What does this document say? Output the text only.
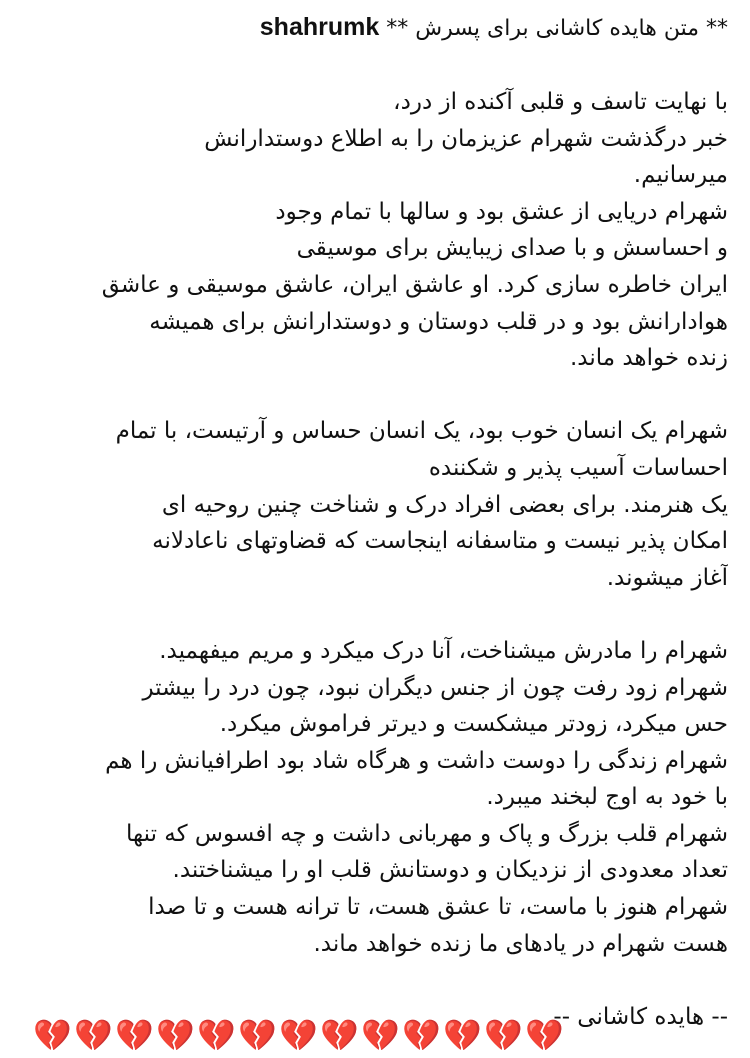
** متن هایده کاشانی برای پسرش ** shahrumk
با نهایت تاسف و قلبی آکنده از درد،
خبر درگذشت شهرام عزیزمان را به اطلاع دوستدارانش
میرسانیم.
شهرام دریایی از عشق بود و سالها با تمام وجود
و احساسش و با صدای زیبایش برای موسیقی
ایران خاطره سازی کرد. او عاشق ایران، عاشق موسیقی و عاشق
هوادارانش بود و در قلب دوستان و دوستدارانش برای همیشه
زنده خواهد ماند.
شهرام یک انسان خوب بود، یک انسان حساس و آرتیست، با تمام
احساسات آسیب پذیر و شکننده
یک هنرمند. برای بعضی افراد درک و شناخت چنین روحیه ای
امکان پذیر نیست و متاسفانه اینجاست که قضاوتهای ناعادلانه
آغاز میشوند.
شهرام را مادرش میشناخت، آنا درک میکرد و مریم میفهمید.
شهرام زود رفت چون از جنس دیگران نبود، چون درد را بیشتر
حس میکرد، زودتر میشکست و دیرتر فراموش میکرد.
شهرام زندگی را دوست داشت و هرگاه شاد بود اطرافیانش را هم
با خود به اوج لبخند میبرد.
شهرام قلب بزرگ و پاک و مهربانی داشت و چه افسوس که تنها
تعداد معدودی از نزدیکان و دوستانش قلب او را میشناختند.
شهرام هنوز با ماست، تا عشق هست، تا ترانه هست و تا صدا
هست شهرام در یادهای ما زنده خواهد ماند.
-- هایده کاشانی --
💔💔💔💔💔💔💔💔💔💔💔💔💔
